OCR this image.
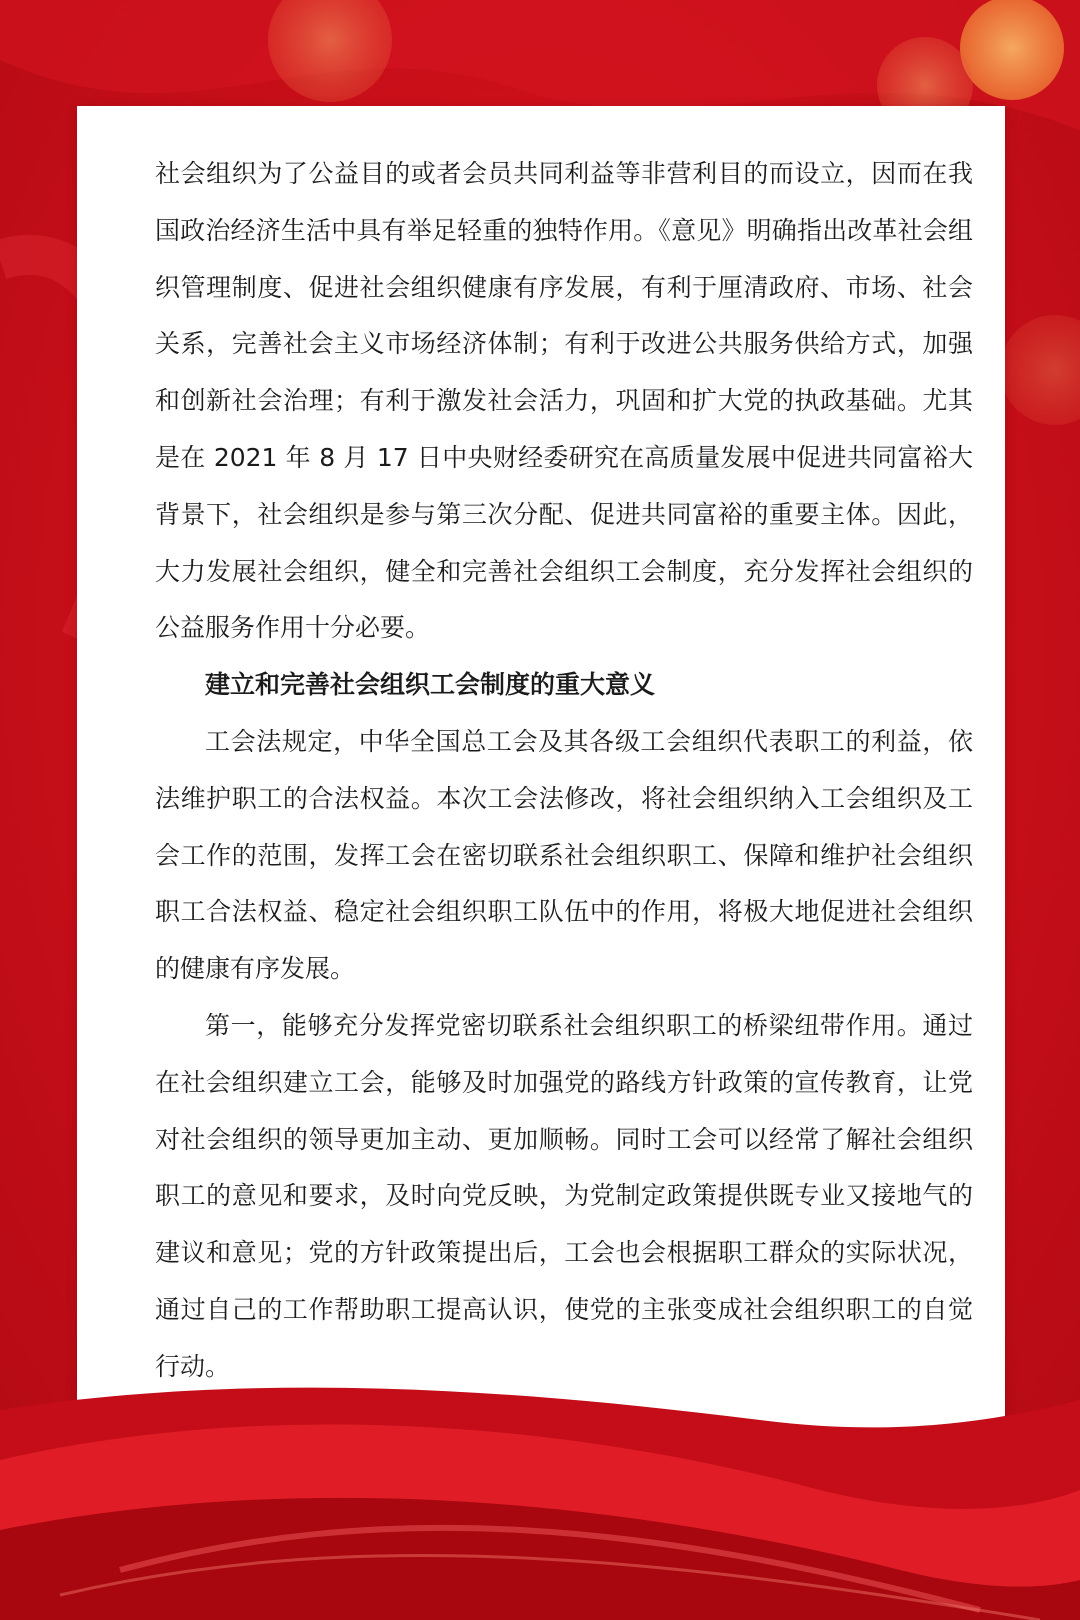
社会组织为了公益目的或者会员共同利益等非营利目的而设立，因而在我国政治经济生活中具有举足轻重的独特作用。《意见》明确指出改革社会组织管理制度、促进社会组织健康有序发展，有利于厘清政府、市场、社会关系，完善社会主义市场经济体制；有利于改进公共服务供给方式，加强和创新社会治理；有利于激发社会活力，巩固和扩大党的执政基础。尤其是在 2021 年 8 月 17 日中央财经委研究在高质量发展中促进共同富裕大背景下，社会组织是参与第三次分配、促进共同富裕的重要主体。因此，大力发展社会组织，健全和完善社会组织工会制度，充分发挥社会组织的公益服务作用十分必要。

建立和完善社会组织工会制度的重大意义

工会法规定，中华全国总工会及其各级工会组织代表职工的利益，依法维护职工的合法权益。本次工会法修改，将社会组织纳入工会组织及工会工作的范围，发挥工会在密切联系社会组织职工、保障和维护社会组织职工合法权益、稳定社会组织职工队伍中的作用，将极大地促进社会组织的健康有序发展。

第一，能够充分发挥党密切联系社会组织职工的桥梁纽带作用。通过在社会组织建立工会，能够及时加强党的路线方针政策的宣传教育，让党对社会组织的领导更加主动、更加顺畅。同时工会可以经常了解社会组织职工的意见和要求，及时向党反映，为党制定政策提供既专业又接地气的建议和意见；党的方针政策提出后，工会也会根据职工群众的实际状况，通过自己的工作帮助职工提高认识，使党的主张变成社会组织职工的自觉行动。
